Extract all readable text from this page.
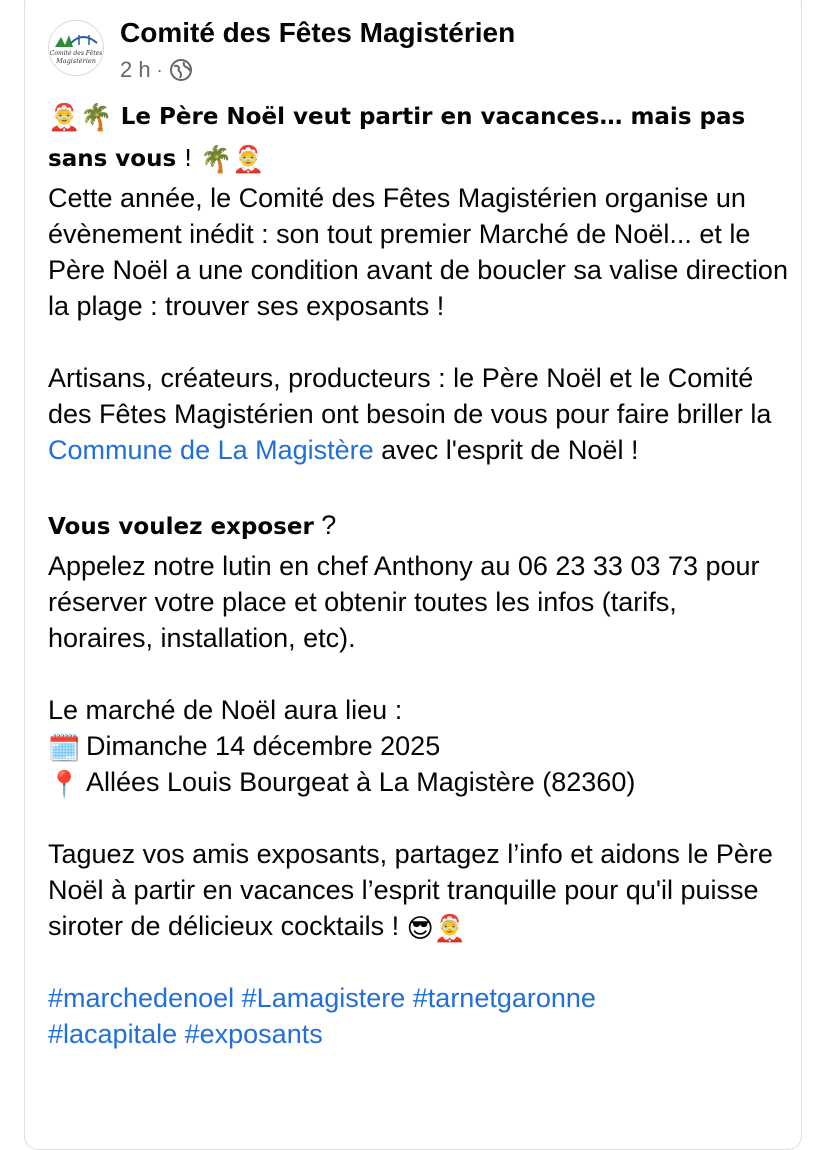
Comité des Fêtes
Magistérien
Comité des Fêtes Magistérien
2 h ·

🤶🌴 Le Père Noël veut partir en vacances… mais pas sans vous ! 🌴🤶

Cette année, le Comité des Fêtes Magistérien organise un évènement inédit : son tout premier Marché de Noël... et le Père Noël a une condition avant de boucler sa valise direction la plage : trouver ses exposants !

Artisans, créateurs, producteurs : le Père Noël et le Comité des Fêtes Magistérien ont besoin de vous pour faire briller la Commune de La Magistère avec l'esprit de Noël !

Vous voulez exposer ?

Appelez notre lutin en chef Anthony au 06 23 33 03 73 pour réserver votre place et obtenir toutes les infos (tarifs, horaires, installation, etc).

Le marché de Noël aura lieu :

🗓️ Dimanche 14 décembre 2025

📍 Allées Louis Bourgeat à La Magistère (82360)

Taguez vos amis exposants, partagez l’info et aidons le Père Noël à partir en vacances l’esprit tranquille pour qu'il puisse siroter de délicieux cocktails ! 😎🤶

#marchedenoel #Lamagistere #tarnetgaronne
#lacapitale #exposants
